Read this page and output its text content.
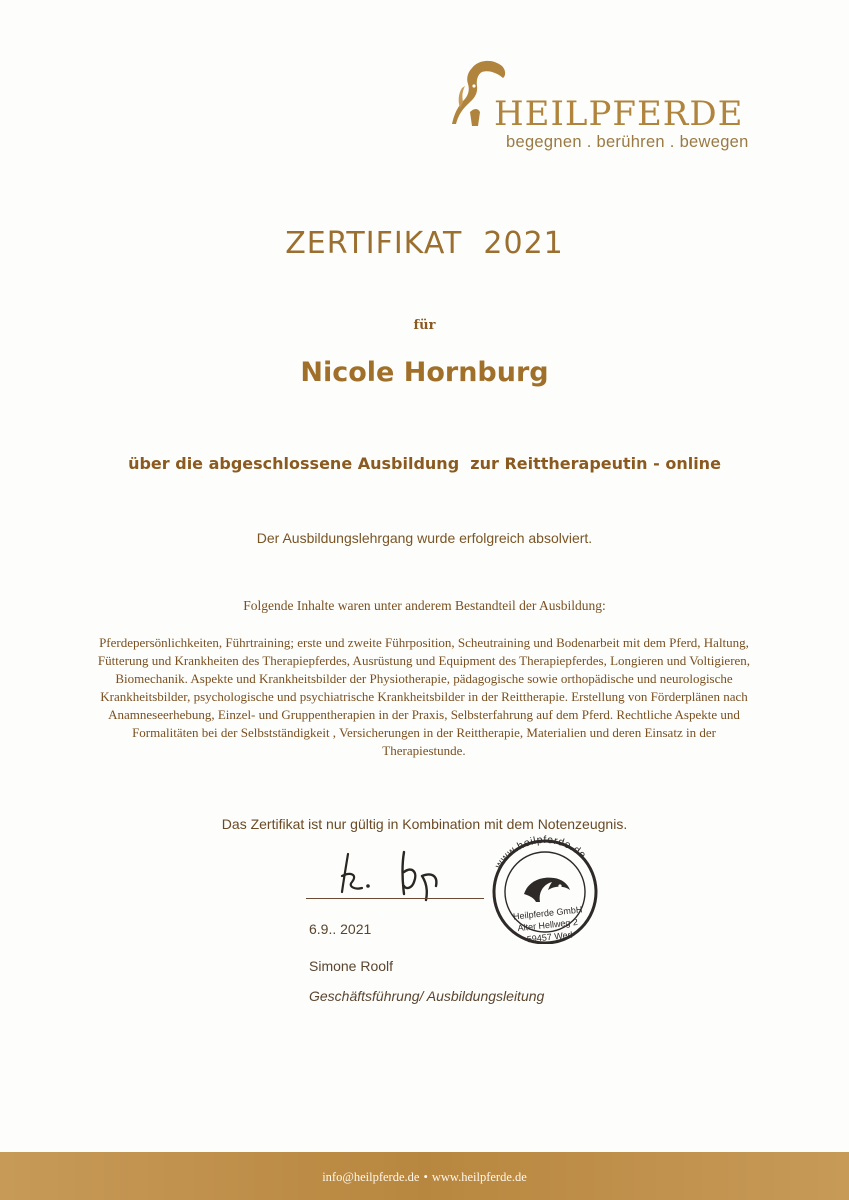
HEILPFERDE
begegnen . berühren . bewegen
ZERTIFIKAT  2021
für
Nicole Hornburg
über die abgeschlossene Ausbildung  zur Reittherapeutin - online
Der Ausbildungslehrgang wurde erfolgreich absolviert.
Folgende Inhalte waren unter anderem Bestandteil der Ausbildung:
Pferdepersönlichkeiten, Führtraining; erste und zweite Führposition, Scheutraining und Bodenarbeit mit dem Pferd, Haltung, Fütterung und Krankheiten des Therapiepferdes, Ausrüstung und Equipment des Therapiepferdes, Longieren und Voltigieren, Biomechanik. Aspekte und Krankheitsbilder der Physiotherapie, pädagogische sowie orthopädische und neurologische Krankheitsbilder, psychologische und psychiatrische Krankheitsbilder in der Reittherapie. Erstellung von Förderplänen nach Anamneseerhebung, Einzel- und Gruppentherapien in der Praxis, Selbsterfahrung auf dem Pferd. Rechtliche Aspekte und Formalitäten bei der Selbstständigkeit , Versicherungen in der Reittherapie, Materialien und deren Einsatz in der Therapiestunde.
Das Zertifikat ist nur gültig in Kombination mit dem Notenzeugnis.
www.heilpferde.de
Heilpferde GmbH
Alter Hellweg 2
59457 Werl
6.9.. 2021
Simone Roolf
Geschäftsführung/ Ausbildungsleitung
info@heilpferde.de • www.heilpferde.de
